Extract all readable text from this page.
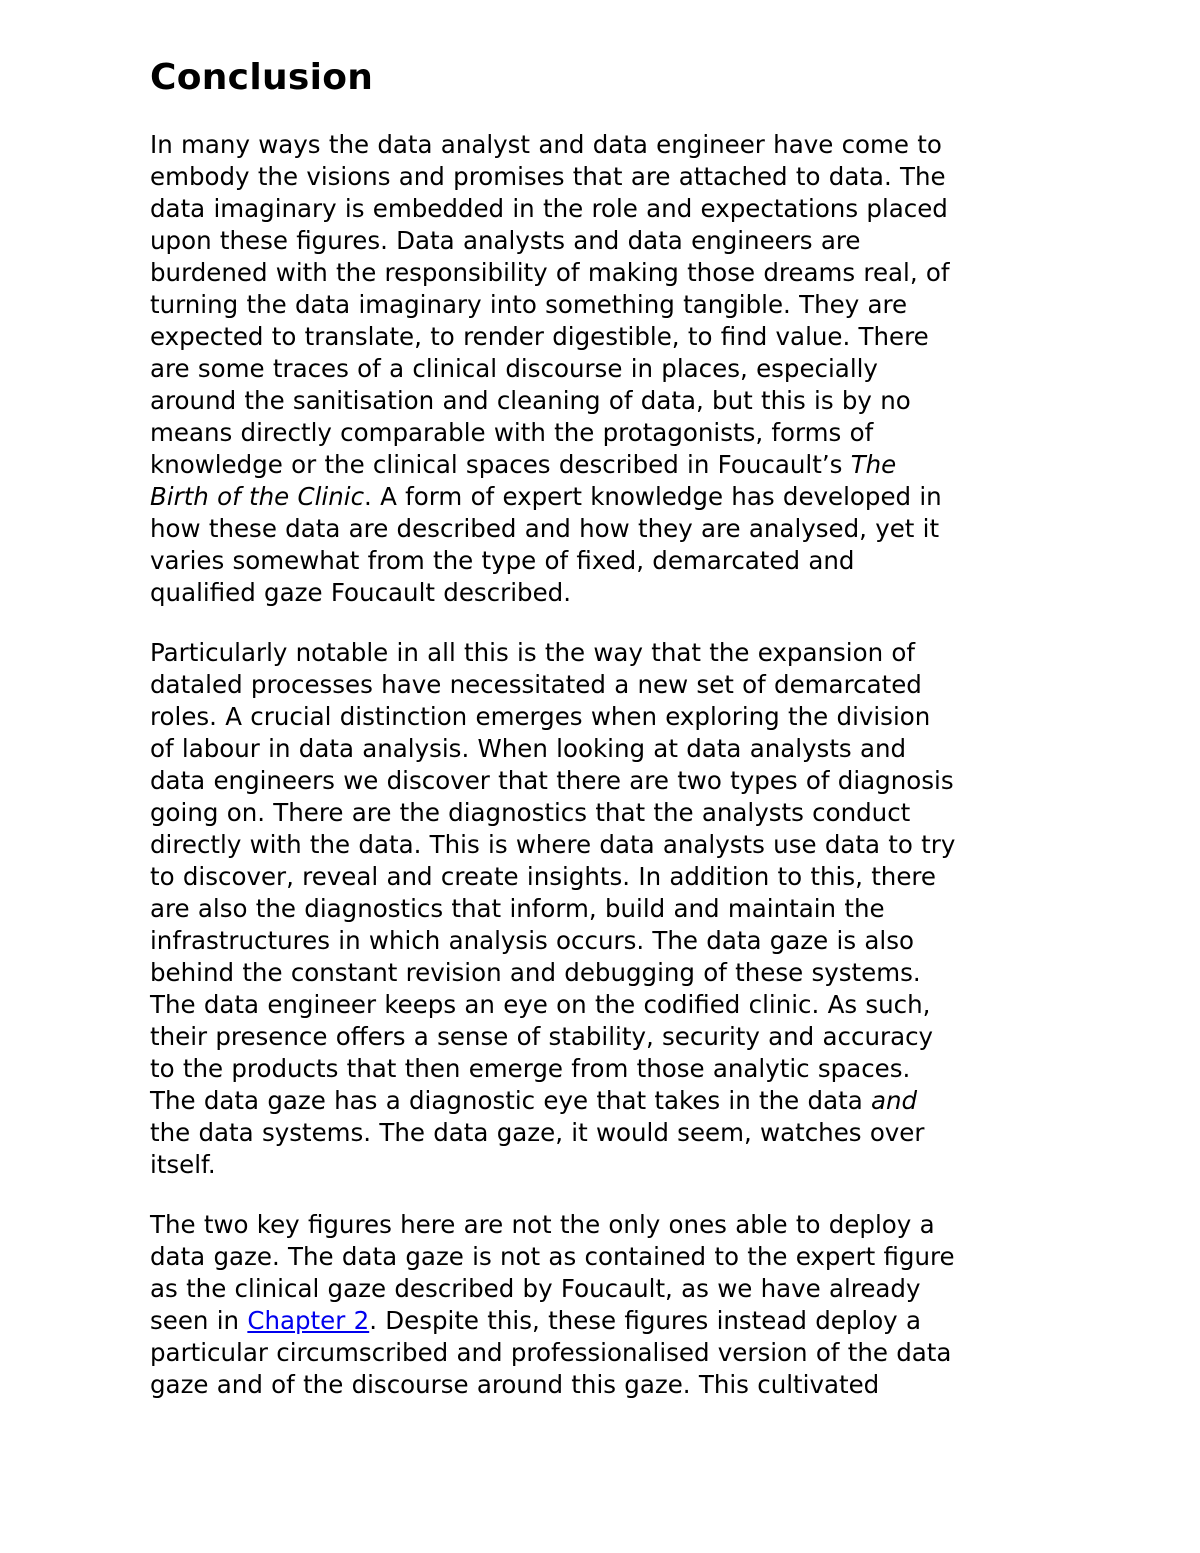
Conclusion

In many ways the data analyst and data engineer have come to
embody the visions and promises that are attached to data. The
data imaginary is embedded in the role and expectations placed
upon these figures. Data analysts and data engineers are
burdened with the responsibility of making those dreams real, of
turning the data imaginary into something tangible. They are
expected to translate, to render digestible, to find value. There
are some traces of a clinical discourse in places, especially
around the sanitisation and cleaning of data, but this is by no
means directly comparable with the protagonists, forms of
knowledge or the clinical spaces described in Foucault’s The
Birth of the Clinic. A form of expert knowledge has developed in
how these data are described and how they are analysed, yet it
varies somewhat from the type of fixed, demarcated and
qualified gaze Foucault described.

Particularly notable in all this is the way that the expansion of
dataled processes have necessitated a new set of demarcated
roles. A crucial distinction emerges when exploring the division
of labour in data analysis. When looking at data analysts and
data engineers we discover that there are two types of diagnosis
going on. There are the diagnostics that the analysts conduct
directly with the data. This is where data analysts use data to try
to discover, reveal and create insights. In addition to this, there
are also the diagnostics that inform, build and maintain the
infrastructures in which analysis occurs. The data gaze is also
behind the constant revision and debugging of these systems.
The data engineer keeps an eye on the codified clinic. As such,
their presence offers a sense of stability, security and accuracy
to the products that then emerge from those analytic spaces.
The data gaze has a diagnostic eye that takes in the data and
the data systems. The data gaze, it would seem, watches over
itself.

The two key figures here are not the only ones able to deploy a
data gaze. The data gaze is not as contained to the expert figure
as the clinical gaze described by Foucault, as we have already
seen in Chapter 2. Despite this, these figures instead deploy a
particular circumscribed and professionalised version of the data
gaze and of the discourse around this gaze. This cultivated
